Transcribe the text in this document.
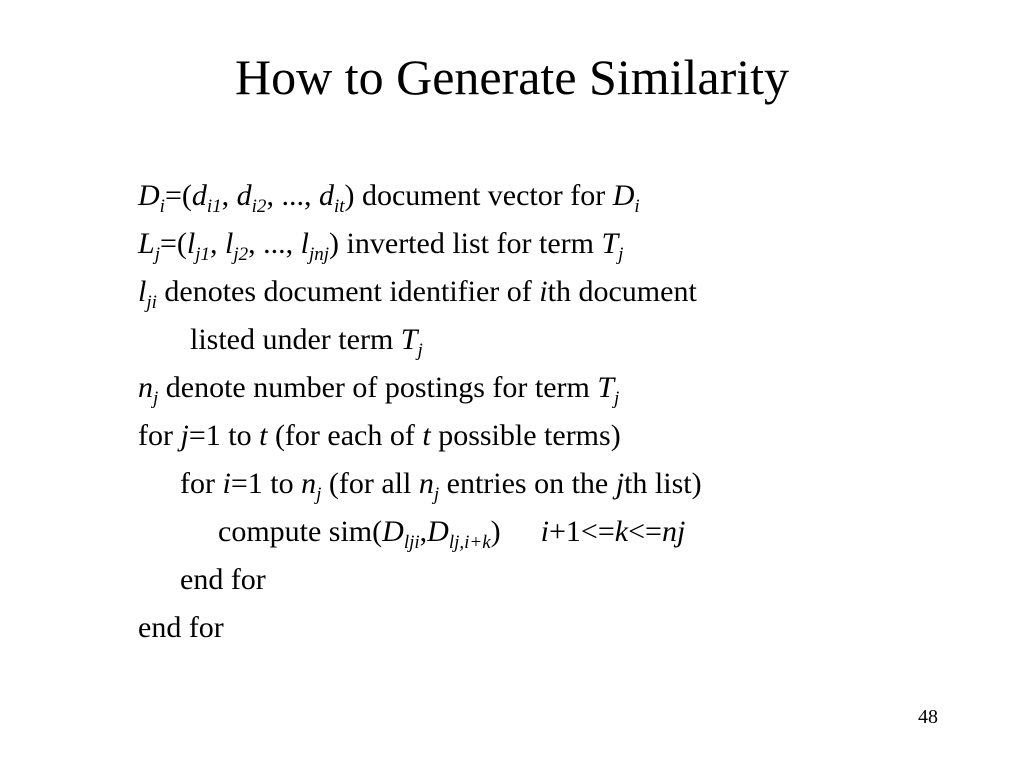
How to Generate Similarity
$D_i=(d_{i1}$, $d_{i2}$, ..., $d_{it}$) document vector for $D_i$
$L_j=(l_{j1}$, $l_{j2}$, ..., $l_{jnj}$) inverted list for term $T_j$
$l_{ji}$ denotes document identifier of ith document
listed under term $T_j$
$n_j$ denote number of postings for term $T_j$
for j=1 to t (for each of t possible terms)
for i=1 to $n_j$ (for all $n_j$ entries on the jth list)
compute $sim(D_{lji},D_{lj,i+k})$ i+1<=k<=nj
end for
end for
48
